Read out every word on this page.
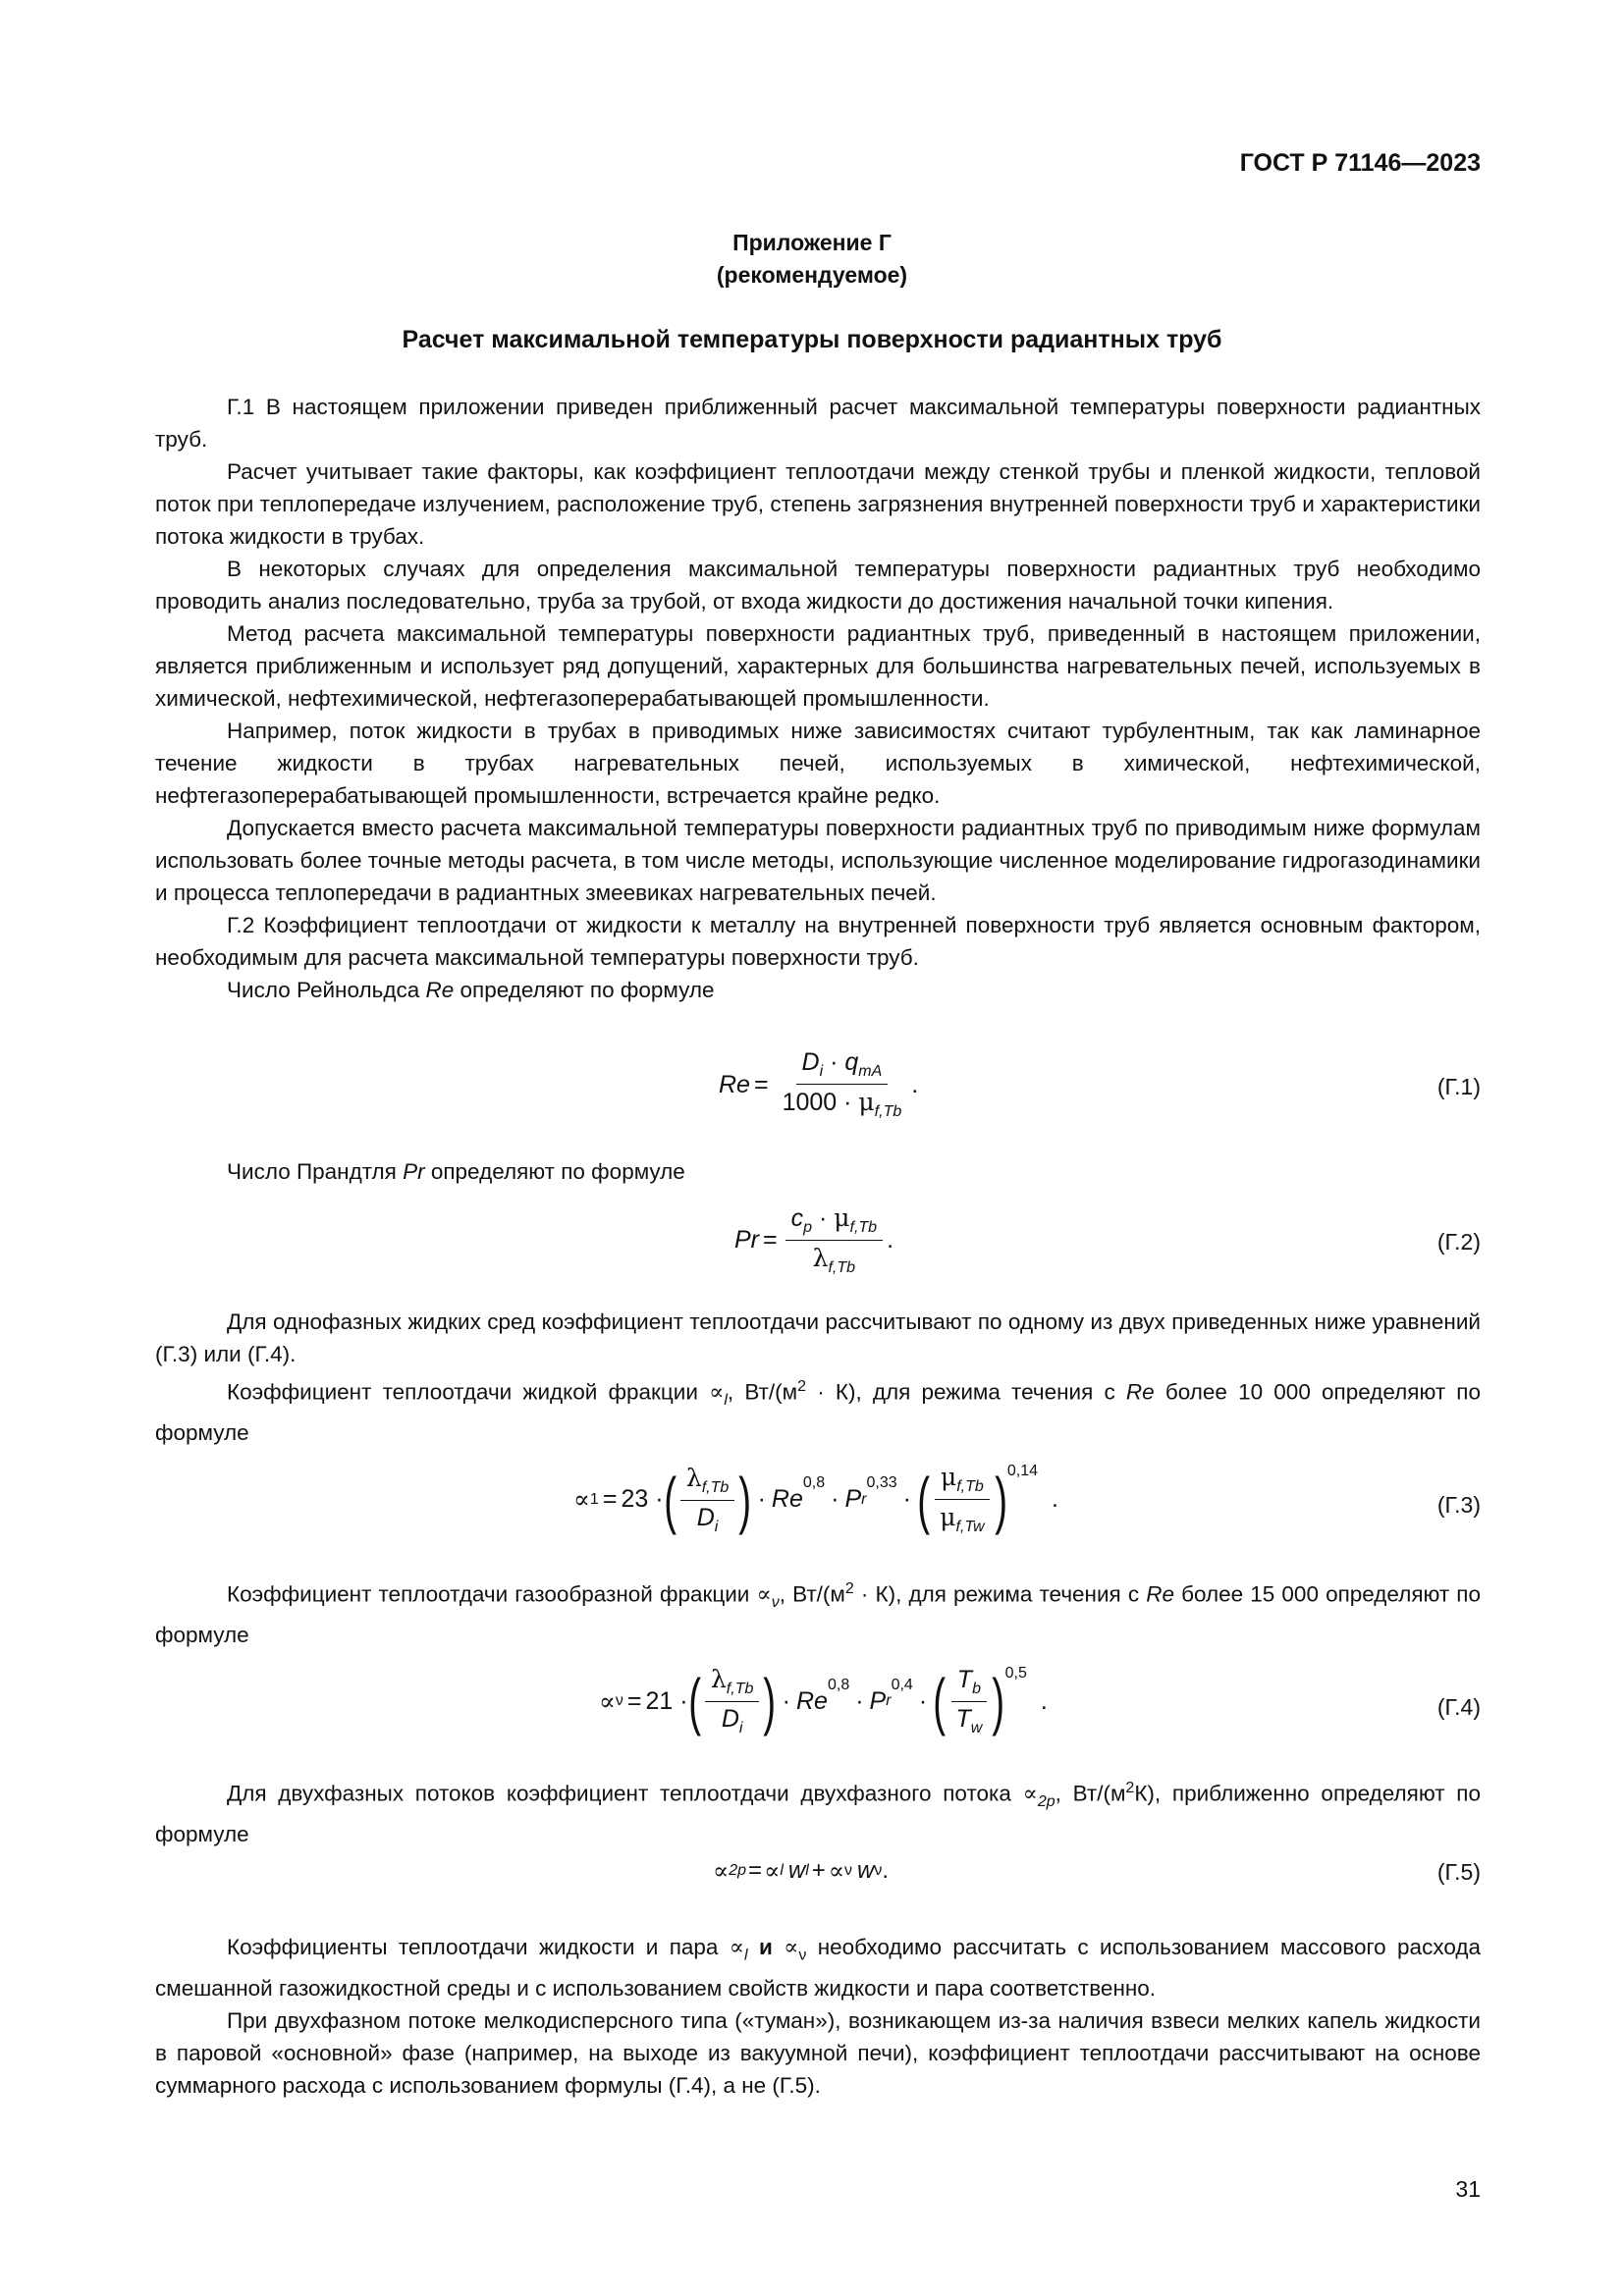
ГОСТ Р 71146—2023
Приложение Г
(рекомендуемое)
Расчет максимальной температуры поверхности радиантных труб

Г.1 В настоящем приложении приведен приближенный расчет максимальной температуры поверхности радиантных труб.

Расчет учитывает такие факторы, как коэффициент теплоотдачи между стенкой трубы и пленкой жидкости, тепловой поток при теплопередаче излучением, расположение труб, степень загрязнения внутренней поверхности труб и характеристики потока жидкости в трубах.

В некоторых случаях для определения максимальной температуры поверхности радиантных труб необходимо проводить анализ последовательно, труба за трубой, от входа жидкости до достижения начальной точки кипения.

Метод расчета максимальной температуры поверхности радиантных труб, приведенный в настоящем приложении, является приближенным и использует ряд допущений, характерных для большинства нагревательных печей, используемых в химической, нефтехимической, нефтегазоперерабатывающей промышленности.

Например, поток жидкости в трубах в приводимых ниже зависимостях считают турбулентным, так как ламинарное течение жидкости в трубах нагревательных печей, используемых в химической, нефтехимической, нефтегазоперерабатывающей промышленности, встречается крайне редко.

Допускается вместо расчета максимальной температуры поверхности радиантных труб по приводимым ниже формулам использовать более точные методы расчета, в том числе методы, использующие численное моделирование гидрогазодинамики и процесса теплопередачи в радиантных змеевиках нагревательных печей.

Г.2 Коэффициент теплоотдачи от жидкости к металлу на внутренней поверхности труб является основным фактором, необходимым для расчета максимальной температуры поверхности труб.

Число Рейнольдса Re определяют по формуле

$Re = \frac{D_i \cdot q_{mA}}{1000 \cdot \mu_{f,Tb}}$ .	(Г.1)

Число Прандтля Pr определяют по формуле

$Pr = \frac{c_p \cdot \mu_{f,Tb}}{\lambda_{f,Tb}}$ .	(Г.2)

Для однофазных жидких сред коэффициент теплоотдачи рассчитывают по одному из двух приведенных ниже уравнений (Г.3) или (Г.4).

Коэффициент теплоотдачи жидкой фракции $\propto_l$, $Вт/(м^2 \cdot К)$, для режима течения с Re более 10 000 определяют по формуле

∝ 1 = 23 · ( $\frac{\lambda_{f,Tb}}{D_i}$ ) · Re
$^{0,8}$
· P r
$^{0,33}$
· ( $\frac{\mu_{f,Tb}}{\mu_{f,Tw}} )^{0,14}$
.	(Г.3)

Коэффициент теплоотдачи газообразной фракции $\propto_\nu$, $Вт/(м^2 \cdot К)$, для режима течения с Re более 15 000 определяют по формуле

∝ ν = 21 · ( $\frac{\lambda_{f,Tb}}{D_i}$ ) · Re
$^{0,8}$
· P r
$^{0,4}$
· ( $\frac{T_b}{T_w} )^{0,5}$
.	(Г.4)

Для двухфазных потоков коэффициент теплоотдачи двухфазного потока $\propto_{2p}$, $Вт/(м^2К)$, приближенно определяют по формуле

∝ 2p = ∝ l w l + ∝ ν w ν .	(Г.5)

Коэффициенты теплоотдачи жидкости и пара $\propto_l$ $и \propto_\nu$ необходимо рассчитать с использованием массового расхода смешанной газожидкостной среды и с использованием свойств жидкости и пара соответственно.

При двухфазном потоке мелкодисперсного типа («туман»), возникающем из-за наличия взвеси мелких капель жидкости в паровой «основной» фазе (например, на выходе из вакуумной печи), коэффициент теплоотдачи рассчитывают на основе суммарного расхода с использованием формулы (Г.4), а не (Г.5).

31
